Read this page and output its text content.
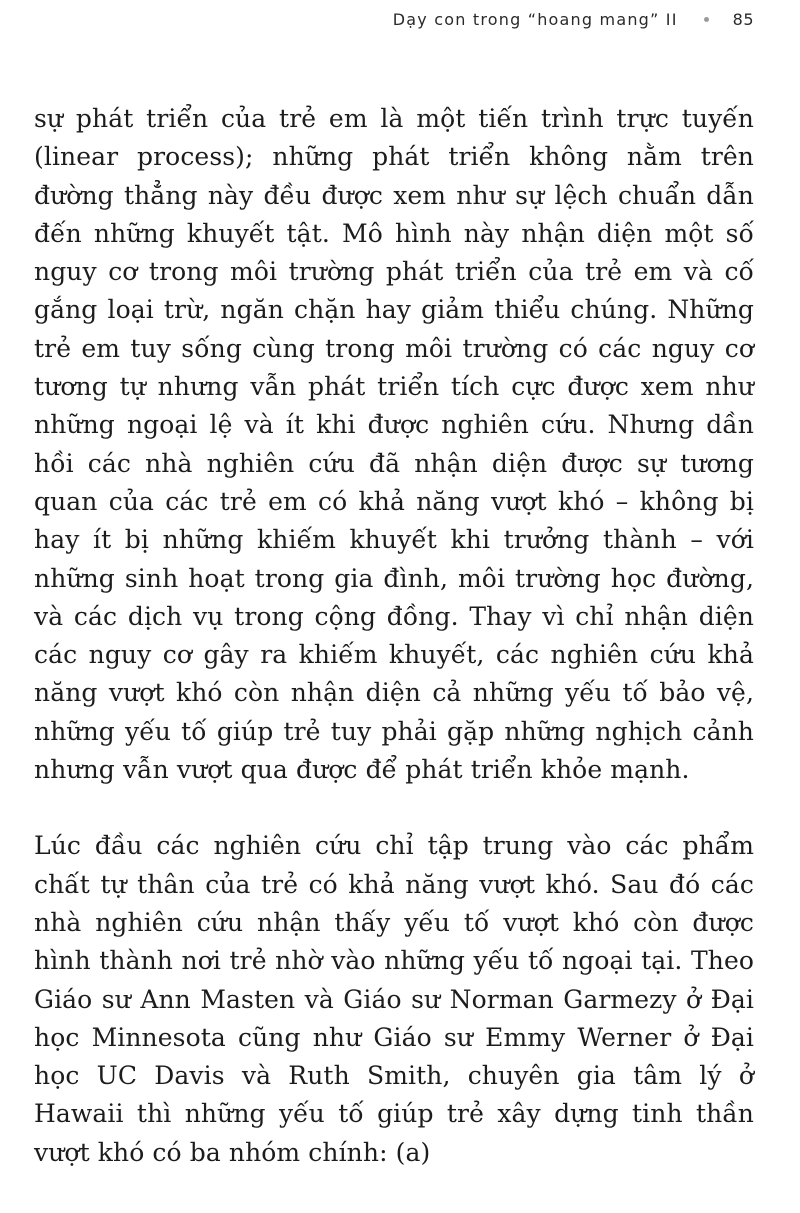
Dạy con trong “hoang mang” II	85

sự phát triển của trẻ em là một tiến trình trực tuyến (linear process); những phát triển không nằm trên đường thẳng này đều được xem như sự lệch chuẩn dẫn đến những khuyết tật. Mô hình này nhận diện một số nguy cơ trong môi trường phát triển của trẻ em và cố gắng loại trừ, ngăn chặn hay giảm thiểu chúng. Những trẻ em tuy sống cùng trong môi trường có các nguy cơ tương tự nhưng vẫn phát triển tích cực được xem như những ngoại lệ và ít khi được nghiên cứu. Nhưng dần hồi các nhà nghiên cứu đã nhận diện được sự tương quan của các trẻ em có khả năng vượt khó – không bị hay ít bị những khiếm khuyết khi trưởng thành – với những sinh hoạt trong gia đình, môi trường học đường, và các dịch vụ trong cộng đồng. Thay vì chỉ nhận diện các nguy cơ gây ra khiếm khuyết, các nghiên cứu khả năng vượt khó còn nhận diện cả những yếu tố bảo vệ, những yếu tố giúp trẻ tuy phải gặp những nghịch cảnh nhưng vẫn vượt qua được để phát triển khỏe mạnh.

Lúc đầu các nghiên cứu chỉ tập trung vào các phẩm chất tự thân của trẻ có khả năng vượt khó. Sau đó các nhà nghiên cứu nhận thấy yếu tố vượt khó còn được hình thành nơi trẻ nhờ vào những yếu tố ngoại tại. Theo Giáo sư Ann Masten và Giáo sư Norman Garmezy ở Đại học Minnesota cũng như Giáo sư Emmy Werner ở Đại học UC Davis và Ruth Smith, chuyên gia tâm lý ở Hawaii thì những yếu tố giúp trẻ xây dựng tinh thần vượt khó có ba nhóm chính: (a)
